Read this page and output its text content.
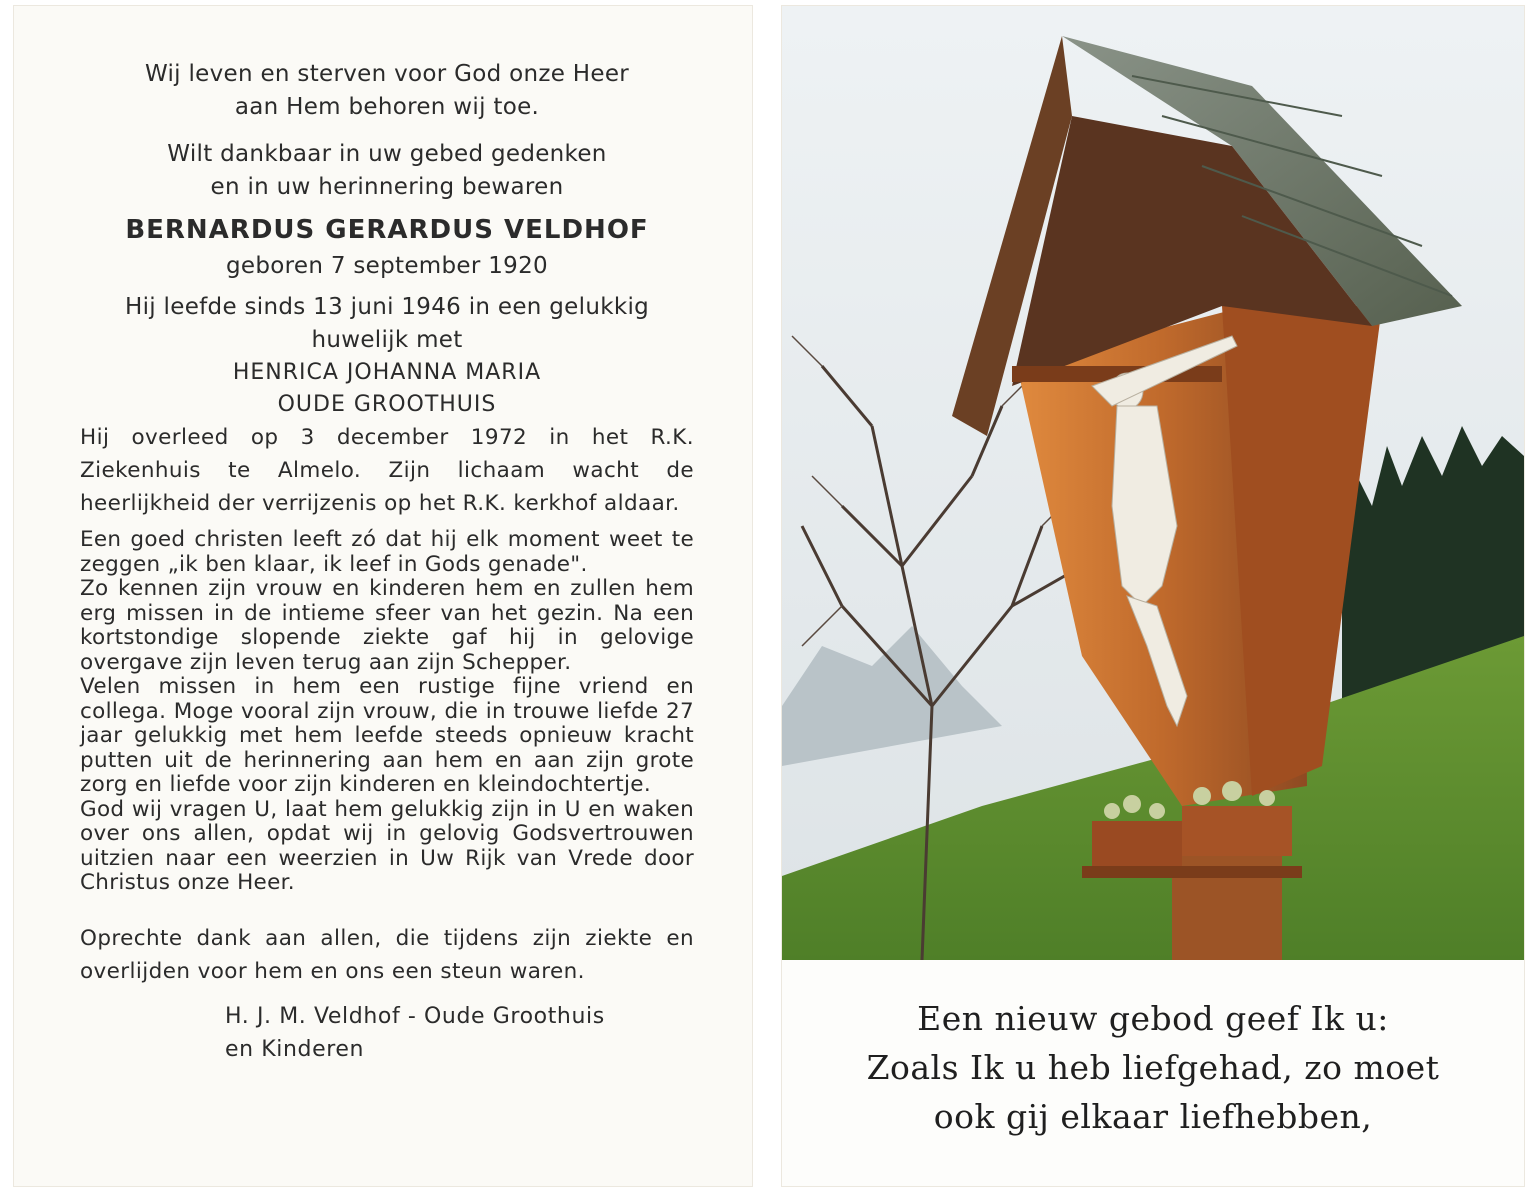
Wij leven en sterven voor God onze Heer
aan Hem behoren wij toe.
Wilt dankbaar in uw gebed gedenken
en in uw herinnering bewaren
BERNARDUS GERARDUS VELDHOF
geboren 7 september 1920
Hij leefde sinds 13 juni 1946 in een gelukkig
huwelijk met
HENRICA JOHANNA MARIA
OUDE GROOTHUIS
Hij overleed op 3 december 1972 in het R.K. Ziekenhuis te Almelo. Zijn lichaam wacht de heerlijkheid der verrijzenis op het R.K. kerkhof aldaar.

Een goed christen leeft zó dat hij elk moment weet te zeggen „ik ben klaar, ik leef in Gods genade".

Zo kennen zijn vrouw en kinderen hem en zullen hem erg missen in de intieme sfeer van het gezin. Na een kortstondige slopende ziekte gaf hij in gelovige overgave zijn leven terug aan zijn Schepper.

Velen missen in hem een rustige fijne vriend en collega. Moge vooral zijn vrouw, die in trouwe liefde 27 jaar gelukkig met hem leefde steeds opnieuw kracht putten uit de herinnering aan hem en aan zijn grote zorg en liefde voor zijn kinderen en kleindochtertje.

God wij vragen U, laat hem gelukkig zijn in U en waken over ons allen, opdat wij in gelovig Godsvertrouwen uitzien naar een weerzien in Uw Rijk van Vrede door Christus onze Heer.

Oprechte dank aan allen, die tijdens zijn ziekte en overlijden voor hem en ons een steun waren.
H. J. M. Veldhof - Oude Groothuis
en Kinderen
Een nieuw gebod geef Ik u:
Zoals Ik u heb liefgehad, zo moet
ook gij elkaar liefhebben,
